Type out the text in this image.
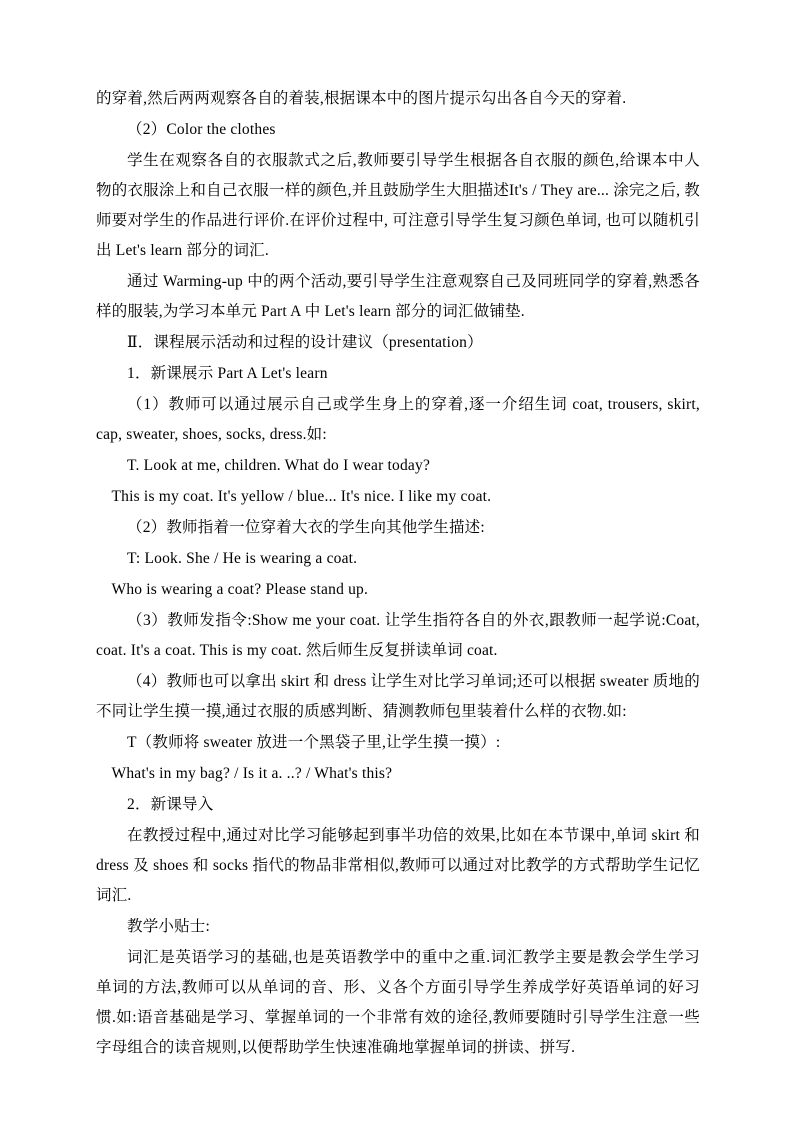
的穿着,然后两两观察各自的着装,根据课本中的图片提示勾出各自今天的穿着.

（2）Color the clothes

学生在观察各自的衣服款式之后,教师要引导学生根据各自衣服的颜色,给课本中人物的衣服涂上和自己衣服一样的颜色,并且鼓励学生大胆描述It's / They are... 涂完之后, 教师要对学生的作品进行评价.在评价过程中, 可注意引导学生复习颜色单词, 也可以随机引出 Let's learn 部分的词汇.

通过 Warming-up 中的两个活动,要引导学生注意观察自己及同班同学的穿着,熟悉各样的服装,为学习本单元 Part A 中 Let's learn 部分的词汇做铺垫.

Ⅱ．课程展示活动和过程的设计建议（presentation）

1．新课展示 Part A Let's learn

（1）教师可以通过展示自己或学生身上的穿着,逐一介绍生词 coat, trousers, skirt, cap, sweater, shoes, socks, dress.如:

T. Look at me, children. What do I wear today?

This is my coat. It's yellow / blue... It's nice. I like my coat.

（2）教师指着一位穿着大衣的学生向其他学生描述:

T: Look. She / He is wearing a coat.

Who is wearing a coat? Please stand up.

（3）教师发指令:Show me your coat. 让学生指符各自的外衣,跟教师一起学说:Coat, coat. It's a coat. This is my coat. 然后师生反复拼读单词 coat.

（4）教师也可以拿出 skirt 和 dress 让学生对比学习单词;还可以根据 sweater 质地的不同让学生摸一摸,通过衣服的质感判断、猜测教师包里装着什么样的衣物.如:

T（教师将 sweater 放进一个黑袋子里,让学生摸一摸）:

What's in my bag? / Is it a. ..? / What's this?

2．新课导入

在教授过程中,通过对比学习能够起到事半功倍的效果,比如在本节课中,单词 skirt 和 dress 及 shoes 和 socks 指代的物品非常相似,教师可以通过对比教学的方式帮助学生记忆词汇.

教学小贴士:

词汇是英语学习的基础,也是英语教学中的重中之重.词汇教学主要是教会学生学习单词的方法,教师可以从单词的音、形、义各个方面引导学生养成学好英语单词的好习惯.如:语音基础是学习、掌握单词的一个非常有效的途径,教师要随时引导学生注意一些字母组合的读音规则,以便帮助学生快速准确地掌握单词的拼读、拼写.
